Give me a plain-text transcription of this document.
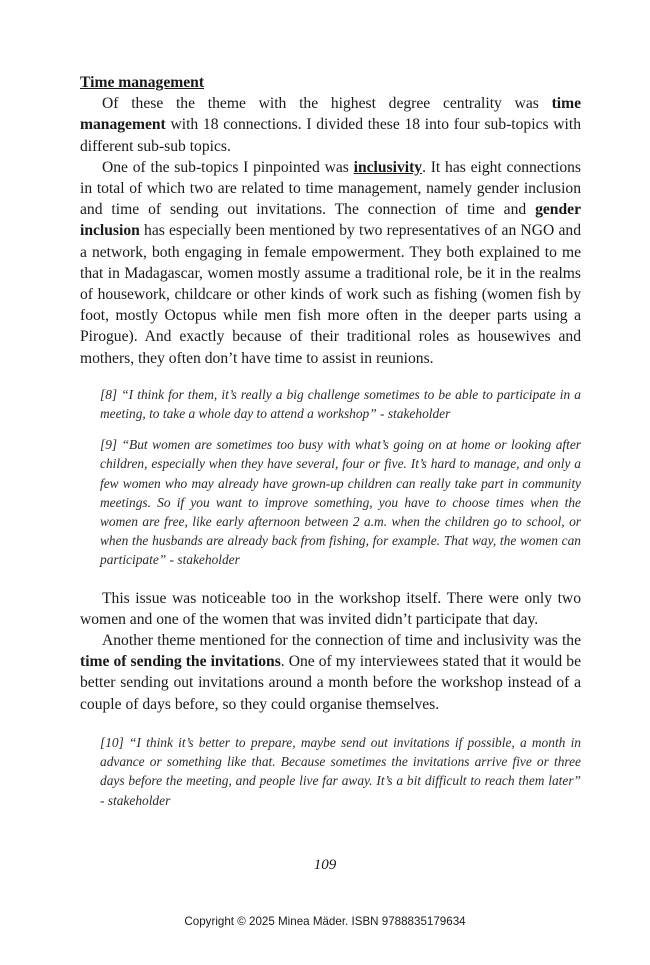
Time management

Of these the theme with the highest degree centrality was time management with 18 connections. I divided these 18 into four sub-topics with different sub-sub topics.

One of the sub-topics I pinpointed was inclusivity. It has eight connections in total of which two are related to time management, namely gender inclusion and time of sending out invitations. The connection of time and gender inclusion has especially been mentioned by two representatives of an NGO and a network, both engaging in female empowerment. They both explained to me that in Madagascar, women mostly assume a traditional role, be it in the realms of housework, childcare or other kinds of work such as fishing (women fish by foot, mostly Octopus while men fish more often in the deeper parts using a Pirogue). And exactly because of their traditional roles as housewives and mothers, they often don’t have time to assist in reunions.

[8] “I think for them, it’s really a big challenge sometimes to be able to participate in a meeting, to take a whole day to attend a workshop” - stakeholder

[9] “But women are sometimes too busy with what’s going on at home or looking after children, especially when they have several, four or five. It’s hard to manage, and only a few women who may already have grown-up children can really take part in community meetings. So if you want to improve something, you have to choose times when the women are free, like early afternoon between 2 a.m. when the children go to school, or when the husbands are already back from fishing, for example. That way, the women can participate” - stakeholder

This issue was noticeable too in the workshop itself. There were only two women and one of the women that was invited didn’t participate that day.

Another theme mentioned for the connection of time and inclusivity was the time of sending the invitations. One of my interviewees stated that it would be better sending out invitations around a month before the workshop instead of a couple of days before, so they could organise themselves.

[10] “I think it’s better to prepare, maybe send out invitations if possible, a month in advance or something like that. Because sometimes the invitations arrive five or three days before the meeting, and people live far away. It’s a bit difficult to reach them later” - stakeholder

109
Copyright © 2025 Minea Mäder. ISBN 9788835179634
